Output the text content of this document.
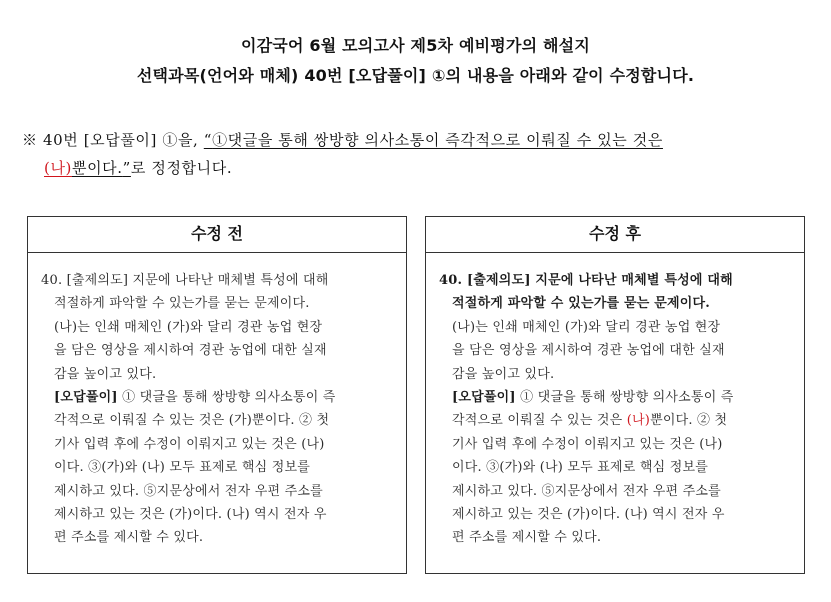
이감국어 6월 모의고사 제5차 예비평가의 해설지
선택과목(언어와 매체) 40번 [오답풀이] ①의 내용을 아래와 같이 수정합니다.
※ 40번 [오답풀이] ①을, “①댓글을 통해 쌍방향 의사소통이 즉각적으로 이뤄질 수 있는 것은
(나)뿐이다.”로 정정합니다.
수정 전
40. [출제의도] 지문에 나타난 매체별 특성에 대해
적절하게 파악할 수 있는가를 묻는 문제이다.
(나)는 인쇄 매체인 (가)와 달리 경관 농업 현장
을 담은 영상을 제시하여 경관 농업에 대한 실재
감을 높이고 있다.
[오답풀이] ① 댓글을 통해 쌍방향 의사소통이 즉
각적으로 이뤄질 수 있는 것은 (가)뿐이다. ② 첫
기사 입력 후에 수정이 이뤄지고 있는 것은 (나)
이다. ③(가)와 (나) 모두 표제로 핵심 정보를
제시하고 있다. ⑤지문상에서 전자 우편 주소를
제시하고 있는 것은 (가)이다. (나) 역시 전자 우
편 주소를 제시할 수 있다.
수정 후
40. [출제의도] 지문에 나타난 매체별 특성에 대해
적절하게 파악할 수 있는가를 묻는 문제이다.
(나)는 인쇄 매체인 (가)와 달리 경관 농업 현장
을 담은 영상을 제시하여 경관 농업에 대한 실재
감을 높이고 있다.
[오답풀이] ① 댓글을 통해 쌍방향 의사소통이 즉
각적으로 이뤄질 수 있는 것은 (나)뿐이다. ② 첫
기사 입력 후에 수정이 이뤄지고 있는 것은 (나)
이다. ③(가)와 (나) 모두 표제로 핵심 정보를
제시하고 있다. ⑤지문상에서 전자 우편 주소를
제시하고 있는 것은 (가)이다. (나) 역시 전자 우
편 주소를 제시할 수 있다.
